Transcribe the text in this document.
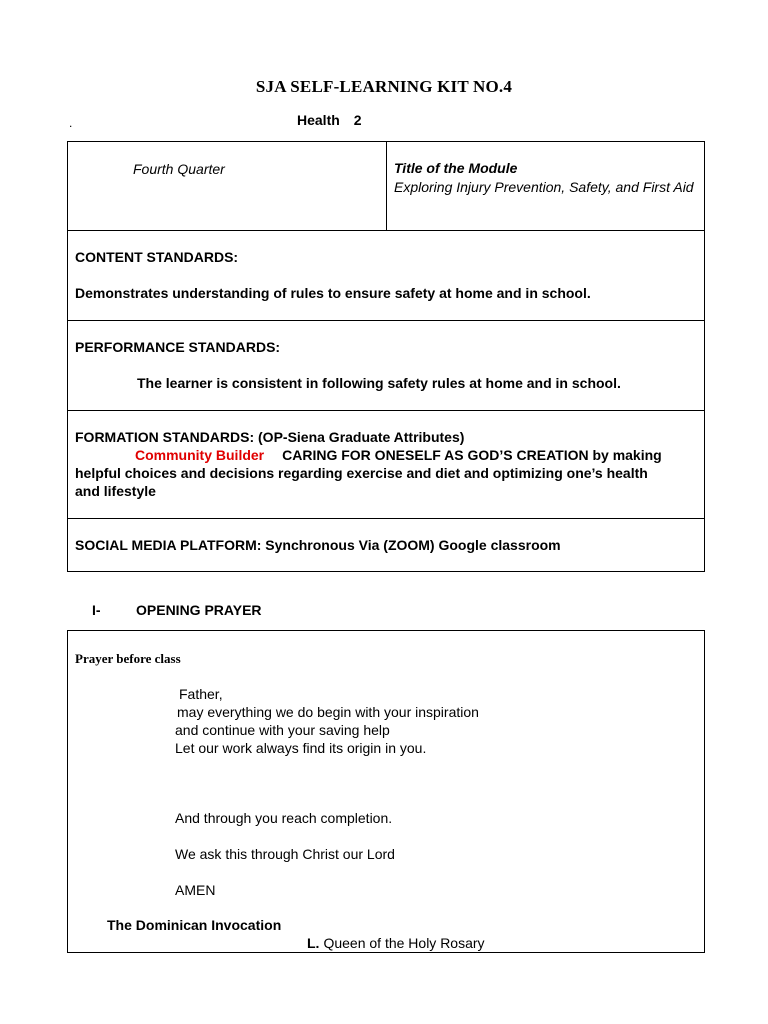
SJA SELF-LEARNING KIT NO.4
.	Health 2
Fourth Quarter	Title of the Module
Exploring Injury Prevention, Safety, and First Aid
CONTENT STANDARDS:
Demonstrates understanding of rules to ensure safety at home and in school.
PERFORMANCE STANDARDS:
The learner is consistent in following safety rules at home and in school.
FORMATION STANDARDS: (OP-Siena Graduate Attributes)
Community Builder CARING FOR ONESELF AS GOD’S CREATION by making helpful choices and decisions regarding exercise and diet and optimizing one’s health and lifestyle
SOCIAL MEDIA PLATFORM: Synchronous Via (ZOOM) Google classroom
I-	OPENING PRAYER
Prayer before class
Father,
may everything we do begin with your inspiration
and continue with your saving help
Let our work always find its origin in you.
And through you reach completion.
We ask this through Christ our Lord
AMEN
The Dominican Invocation
L. Queen of the Holy Rosary
